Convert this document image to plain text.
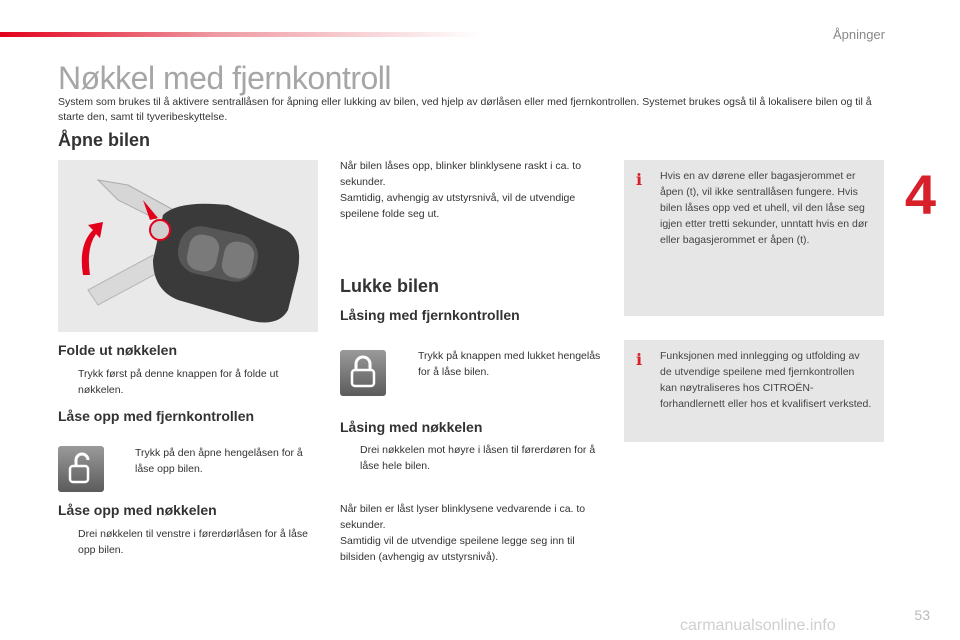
Åpninger
4
Nøkkel med fjernkontroll

System som brukes til å aktivere sentrallåsen for åpning eller lukking av bilen, ved hjelp av dørlåsen eller med fjernkontrollen. Systemet brukes også til å lokalisere bilen og til å starte den, samt til tyveribeskyttelse.

Åpne bilen
Folde ut nøkkelen
Trykk først på denne knappen for å folde ut nøkkelen.
Låse opp med fjernkontrollen
Trykk på den åpne hengelåsen for å låse opp bilen.
Låse opp med nøkkelen
Drei nøkkelen til venstre i førerdørlåsen for å låse opp bilen.

Når bilen låses opp, blinker blinklysene raskt i ca. to sekunder.
Samtidig, avhengig av utstyrsnivå, vil de utvendige speilene folde seg ut.

Lukke bilen
Låsing med fjernkontrollen
Trykk på knappen med lukket hengelås for å låse bilen.
Låsing med nøkkelen
Drei nøkkelen mot høyre i låsen til førerdøren for å låse hele bilen.

Når bilen er låst lyser blinklysene vedvarende i ca. to sekunder.
Samtidig vil de utvendige speilene legge seg inn til bilsiden (avhengig av utstyrsnivå).

i	Hvis en av dørene eller bagasjerommet er åpen (t), vil ikke sentrallåsen fungere. Hvis bilen låses opp ved et uhell, vil den låse seg igjen etter tretti sekunder, unntatt hvis en dør eller bagasjerommet er åpen (t).
i	Funksjonen med innlegging og utfolding av de utvendige speilene med fjernkontrollen kan nøytraliseres hos CITROËN-forhandlernett eller hos et kvalifisert verksted.
53
carmanualsonline.info
